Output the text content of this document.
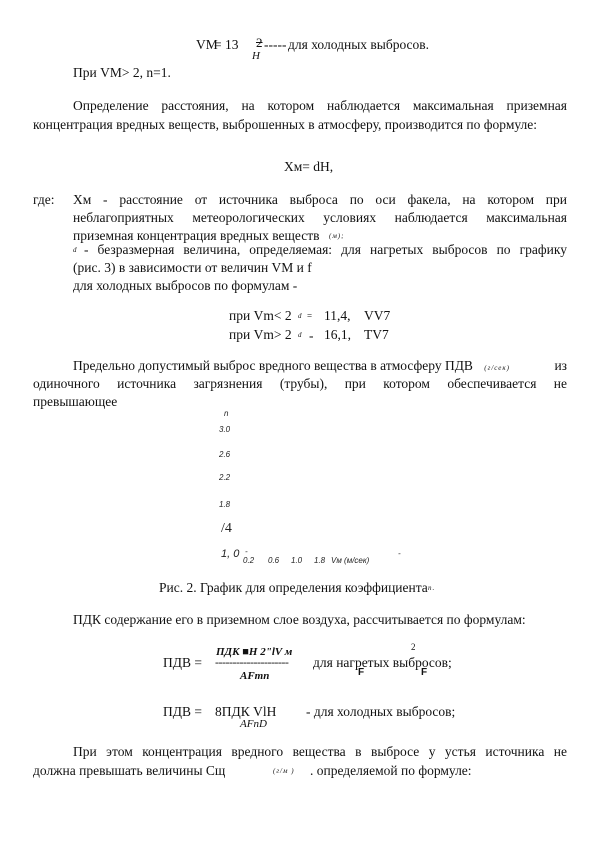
VM
= 13 2
H
----- для холодных выбросов.
При VM> 2, n=1.
Определение расстояния, на котором наблюдается максимальная приземная концентрация вредных веществ, выброшенных в атмосферу, производится по формуле:
Xм= dH,
где: Xм - расстояние от источника выброса по оси факела, на котором при
неблагоприятных метеорологических условиях наблюдается максимальная
приземная концентрация вредных веществ (м);
d - безразмерная величина, определяемая: для нагретых выбросов по графику
(рис. 3) в зависимости от величин VM и f
для холодных выбросов по формулам -
при Vm< 2 d = 11,4, VV7
при Vm> 2 d - 16,1, TV7
Предельно допустимый выброс вредного вещества в атмосферу ПДВ (г/сек)	из
одиночного источника загрязнения (трубы), при котором обеспечивается не
превышающее
n
3.0
2.6
2.2
1.8
/4
1, 0 -
0.2 0.6 1.0 1.8 Vм (м/сек)
-
Рис. 2. График для определения коэффициента n.
ПДК содержание его в приземном слое воздуха, рассчитывается по формулам:
ПДВ =
ПДК ■H 2"lV м
---------------------
AFmn
для нагретых выбросов;
2
F	F
ПДВ = 8ПДК VlH
AFnD
- для холодных выбросов;
При этом концентрация вредного вещества в выбросе у устья источника не
должна превышать величины Сщ	(г/м ) . определяемой по формуле:
